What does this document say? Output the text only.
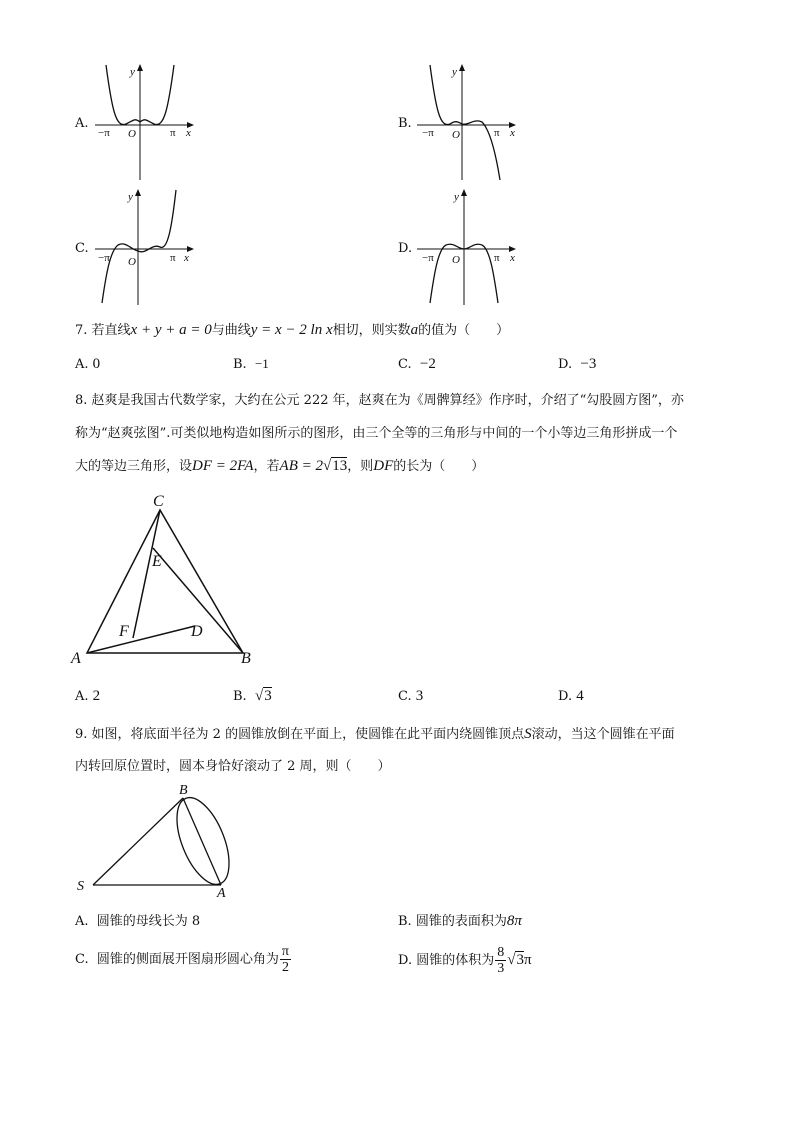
A.
−π	π x
y
O
B.
−π	π x
y
O
C.
−π	π x
y
O
D.
−π	π x
y
O
7. 若直线x + y + a = 0与曲线y = x − 2 ln x相切，则实数a的值为（　　）
A. 0	B. −1	C. −2	D. −3
8. 赵爽是我国古代数学家，大约在公元 222 年，赵爽在为《周髀算经》作序时，介绍了“勾股圆方图”，亦
称为“赵爽弦图”.可类似地构造如图所示的图形，由三个全等的三角形与中间的一个小等边三角形拼成一个
大的等边三角形，设DF = 2FA，若AB = 2√13，则DF的长为（　　）
C
E
F	D
A	B
A. 2	B. √3	C. 3	D. 4
9. 如图，将底面半径为 2 的圆锥放倒在平面上，使圆锥在此平面内绕圆锥顶点S滚动，当这个圆锥在平面
内转回原位置时，圆本身恰好滚动了 2 周，则（　　）
S
B
A
A. 圆锥的母线长为 8	B. 圆锥的表面积为8π
C. 圆锥的侧面展开图扇形圆心角为 $\frac{\pi}{2}$	D. 圆锥的体积为 $\frac{8}{3} √3\pi$
